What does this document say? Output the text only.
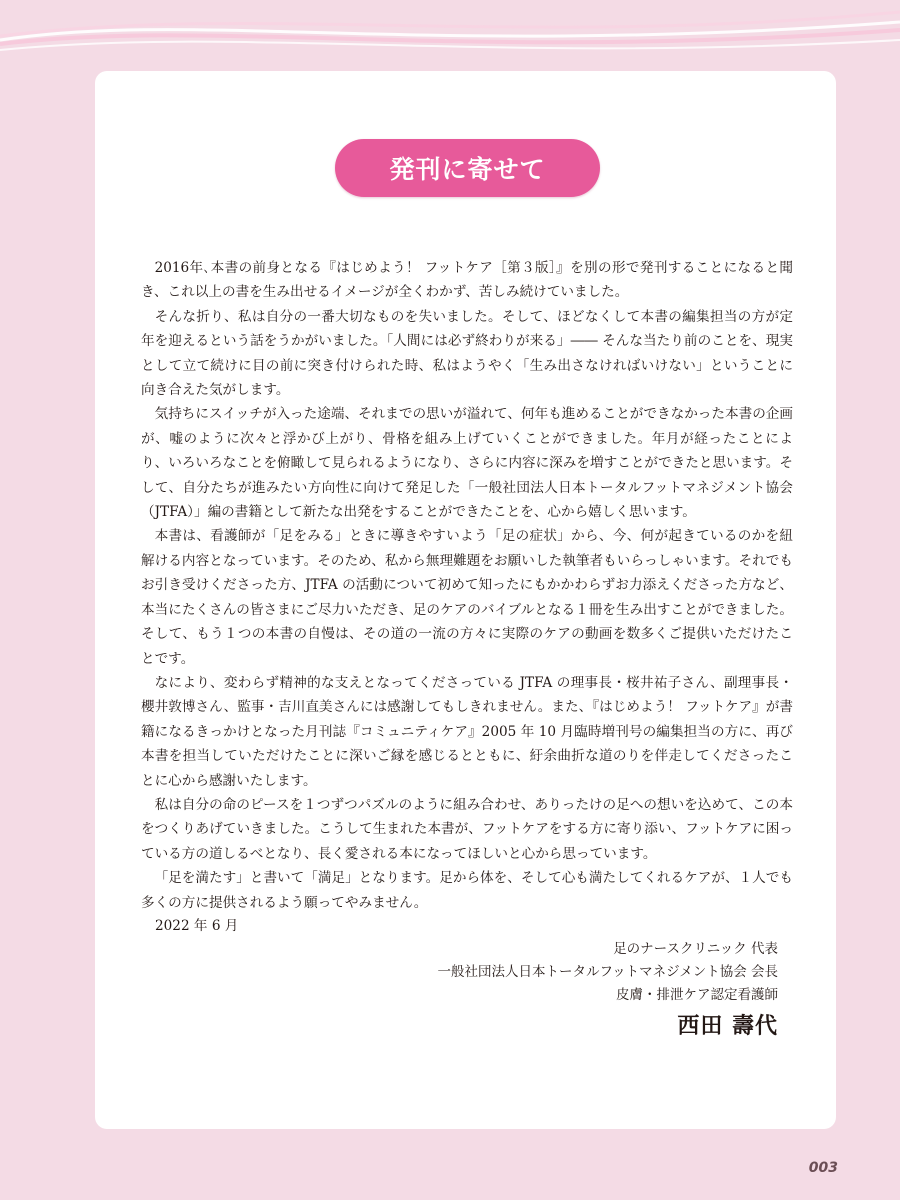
発刊に寄せて

2016年､本書の前身となる『はじめよう！ フットケア［第３版］』を別の形で発刊することになると聞き、これ以上の書を生み出せるイメージが全くわかず、苦しみ続けていました。

そんな折り、私は自分の一番大切なものを失いました。そして、ほどなくして本書の編集担当の方が定年を迎えるという話をうかがいました。「人間には必ず終わりが来る」―― そんな当たり前のことを、現実として立て続けに目の前に突き付けられた時、私はようやく「生み出さなければいけない」ということに向き合えた気がします。

気持ちにスイッチが入った途端、それまでの思いが溢れて、何年も進めることができなかった本書の企画が、嘘のように次々と浮かび上がり、骨格を組み上げていくことができました。年月が経ったことにより、いろいろなことを俯瞰して見られるようになり、さらに内容に深みを増すことができたと思います。そして、自分たちが進みたい方向性に向けて発足した「一般社団法人日本トータルフットマネジメント協会（JTFA）」編の書籍として新たな出発をすることができたことを、心から嬉しく思います。

本書は、看護師が「足をみる」ときに導きやすいよう「足の症状」から、今、何が起きているのかを紐解ける内容となっています。そのため、私から無理難題をお願いした執筆者もいらっしゃいます。それでもお引き受けくださった方、JTFA の活動について初めて知ったにもかかわらずお力添えくださった方など、本当にたくさんの皆さまにご尽力いただき、足のケアのバイブルとなる１冊を生み出すことができました。そして、もう１つの本書の自慢は、その道の一流の方々に実際のケアの動画を数多くご提供いただけたことです。

なにより、変わらず精神的な支えとなってくださっている JTFA の理事長・桜井祐子さん、副理事長・櫻井敦博さん、監事・吉川直美さんには感謝してもしきれません。また、『はじめよう！ フットケア』が書籍になるきっかけとなった月刊誌『コミュニティケア』2005 年 10 月臨時増刊号の編集担当の方に、再び本書を担当していただけたことに深いご縁を感じるとともに、紆余曲折な道のりを伴走してくださったことに心から感謝いたします。

私は自分の命のピースを１つずつパズルのように組み合わせ、ありったけの足への想いを込めて、この本をつくりあげていきました。こうして生まれた本書が、フットケアをする方に寄り添い、フットケアに困っている方の道しるべとなり、長く愛される本になってほしいと心から思っています。

「足を満たす」と書いて「満足」となります。足から体を、そして心も満たしてくれるケアが、１人でも多くの方に提供されるよう願ってやみません。

2022 年 6 月
足のナースクリニック 代表
一般社団法人日本トータルフットマネジメント協会 会長
皮膚・排泄ケア認定看護師
西田 壽代
003
